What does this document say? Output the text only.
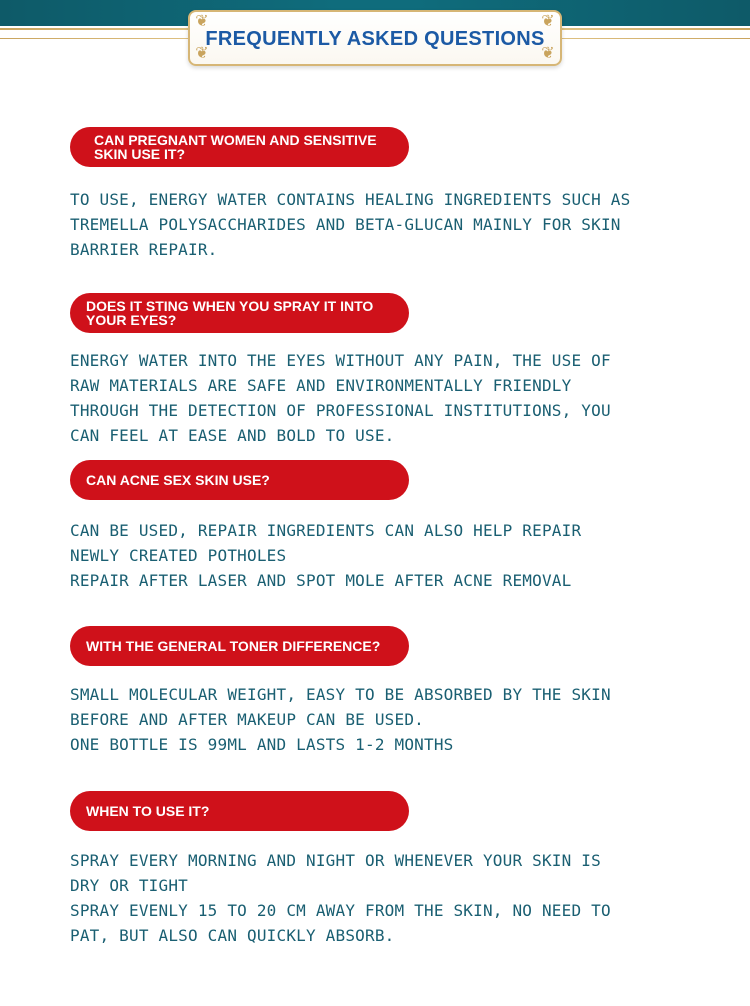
❦	❦
❦	❦
FREQUENTLY ASKED QUESTIONS
CAN PREGNANT WOMEN AND SENSITIVE SKIN USE IT?

TO USE, ENERGY WATER CONTAINS HEALING INGREDIENTS SUCH AS TREMELLA POLYSACCHARIDES AND BETA-GLUCAN MAINLY FOR SKIN BARRIER REPAIR.

DOES IT STING WHEN YOU SPRAY IT INTO YOUR EYES?

ENERGY WATER INTO THE EYES WITHOUT ANY PAIN, THE USE OF RAW MATERIALS ARE SAFE AND ENVIRONMENTALLY FRIENDLY

THROUGH THE DETECTION OF PROFESSIONAL INSTITUTIONS, YOU CAN FEEL AT EASE AND BOLD TO USE.

CAN ACNE SEX SKIN USE?

CAN BE USED, REPAIR INGREDIENTS CAN ALSO HELP REPAIR NEWLY CREATED POTHOLES

REPAIR AFTER LASER AND SPOT MOLE AFTER ACNE REMOVAL

WITH THE GENERAL TONER DIFFERENCE?

SMALL MOLECULAR WEIGHT, EASY TO BE ABSORBED BY THE SKIN

BEFORE AND AFTER MAKEUP CAN BE USED.

ONE BOTTLE IS 99ML AND LASTS 1-2 MONTHS

WHEN TO USE IT?

SPRAY EVERY MORNING AND NIGHT OR WHENEVER YOUR SKIN IS DRY OR TIGHT

SPRAY EVENLY 15 TO 20 CM AWAY FROM THE SKIN, NO NEED TO PAT, BUT ALSO CAN QUICKLY ABSORB.
